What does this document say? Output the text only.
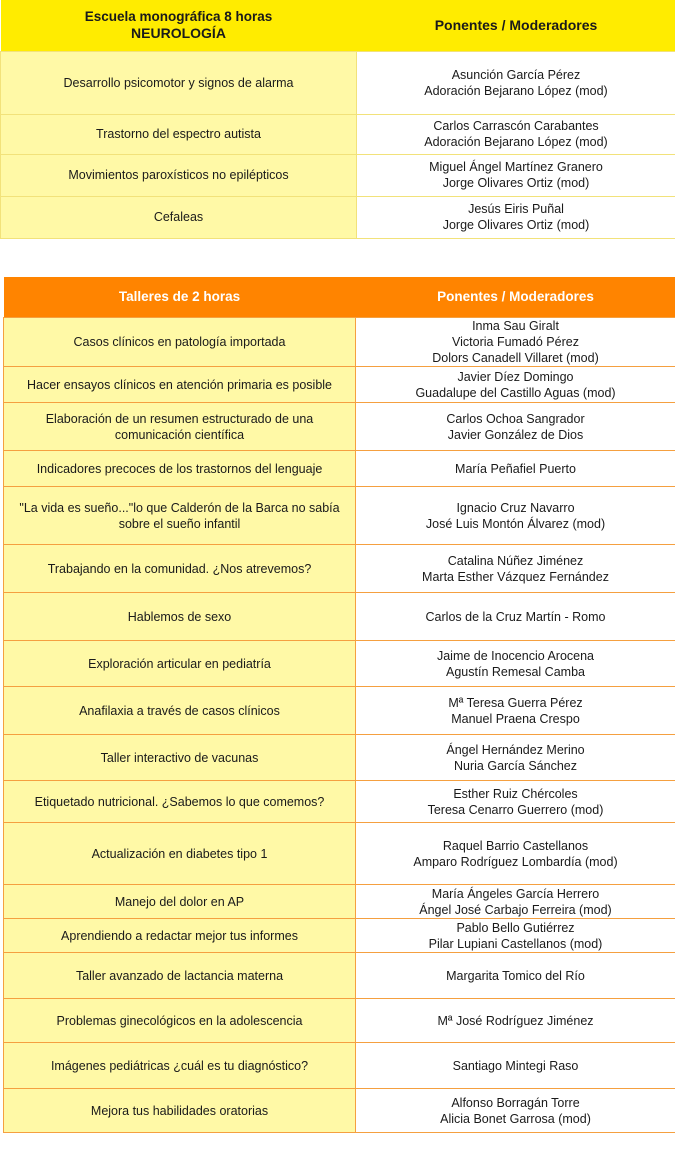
Escuela monográfica 8 horas
NEUROLOGÍA	Ponentes / Moderadores
Desarrollo psicomotor y signos de alarma	Asunción García Pérez
Adoración Bejarano López (mod)

Trastorno del espectro autista	Carlos Carrascón Carabantes
Adoración Bejarano López (mod)

Movimientos paroxísticos no epilépticos	Miguel Ángel Martínez Granero
Jorge Olivares Ortiz (mod)

Cefaleas	Jesús Eiris Puñal
Jorge Olivares Ortiz (mod)
Talleres de 2 horas	Ponentes / Moderadores
Casos clínicos en patología importada	Inma Sau Giralt
Victoria Fumadó Pérez
Dolors Canadell Villaret (mod)

Hacer ensayos clínicos en atención primaria es posible	Javier Díez Domingo
Guadalupe del Castillo Aguas (mod)

Elaboración de un resumen estructurado de una comunicación científica	Carlos Ochoa Sangrador
Javier González de Dios

Indicadores precoces de los trastornos del lenguaje	María Peñafiel Puerto

"La vida es sueño..."lo que Calderón de la Barca no sabía sobre el sueño infantil	Ignacio Cruz Navarro
José Luis Montón Álvarez (mod)

Trabajando en la comunidad. ¿Nos atrevemos?	Catalina Núñez Jiménez
Marta Esther Vázquez Fernández

Hablemos de sexo	Carlos de la Cruz Martín - Romo

Exploración articular en pediatría	Jaime de Inocencio Arocena
Agustín Remesal Camba

Anafilaxia a través de casos clínicos	Mª Teresa Guerra Pérez
Manuel Praena Crespo

Taller interactivo de vacunas	Ángel Hernández Merino
Nuria García Sánchez

Etiquetado nutricional. ¿Sabemos lo que comemos?	Esther Ruiz Chércoles
Teresa Cenarro Guerrero (mod)

Actualización en diabetes tipo 1	Raquel Barrio Castellanos
Amparo Rodríguez Lombardía (mod)

Manejo del dolor en AP	María Ángeles García Herrero
Ángel José Carbajo Ferreira (mod)

Aprendiendo a redactar mejor tus informes	Pablo Bello Gutiérrez
Pilar Lupiani Castellanos (mod)

Taller avanzado de lactancia materna	Margarita Tomico del Río

Problemas ginecológicos en la adolescencia	Mª José Rodríguez Jiménez

Imágenes pediátricas ¿cuál es tu diagnóstico?	Santiago Mintegi Raso

Mejora tus habilidades oratorias	Alfonso Borragán Torre
Alicia Bonet Garrosa (mod)
